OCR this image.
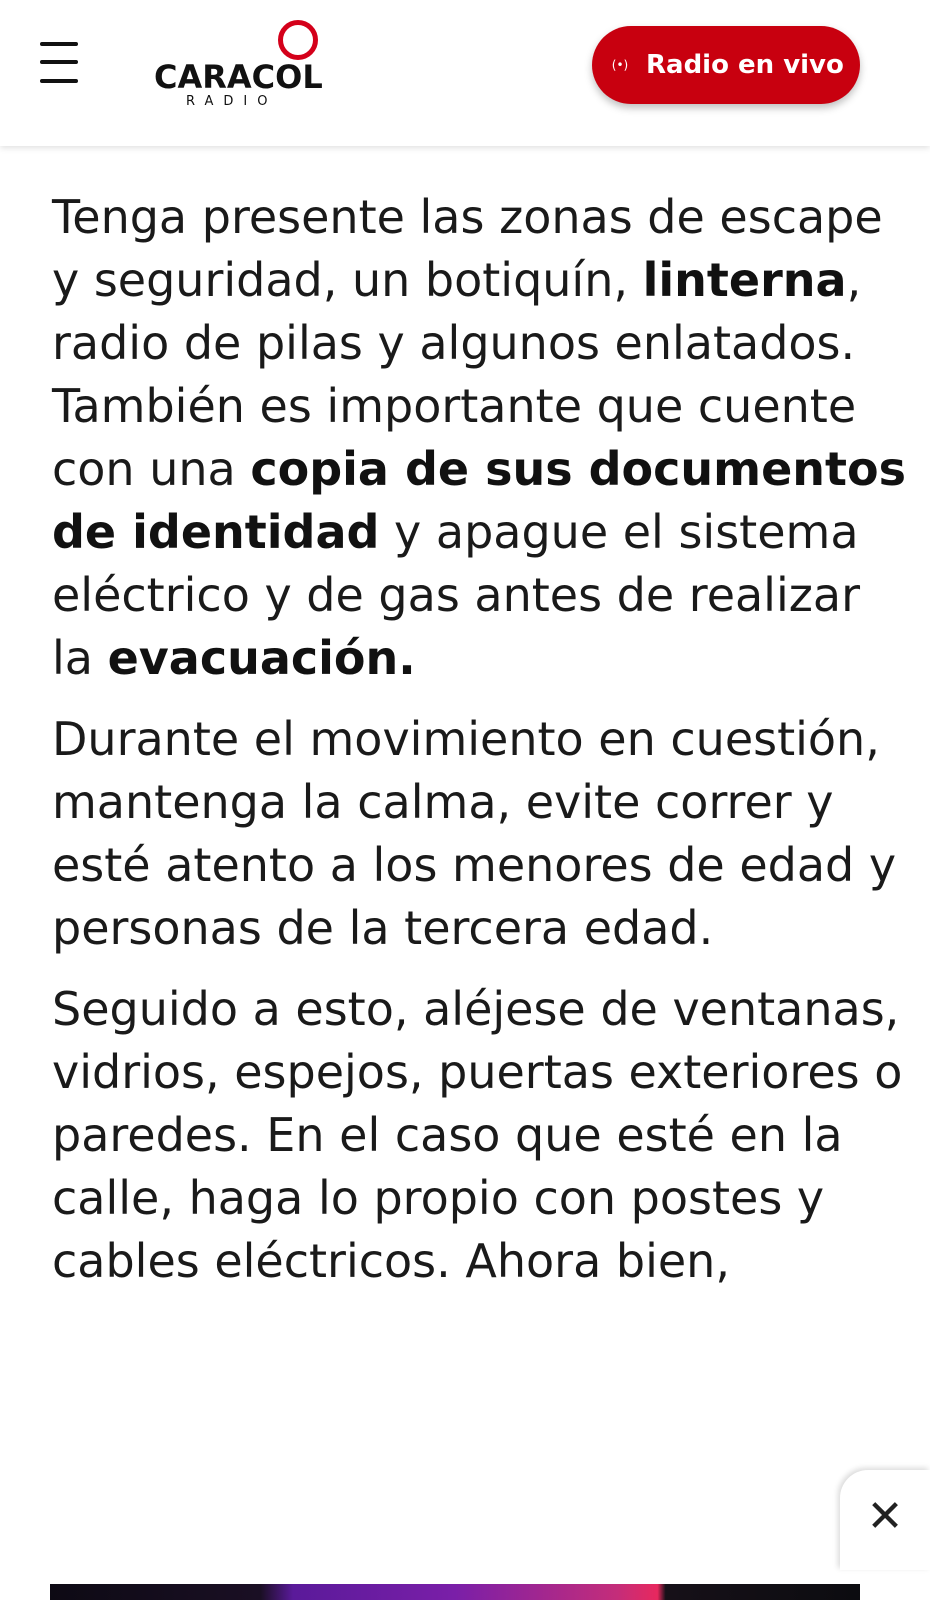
CARACOL
RADIO
(•) Radio en vivo

Tenga presente las zonas de escape y seguridad, un botiquín, linterna, radio de pilas y algunos enlatados. También es importante que cuente con una copia de sus documentos de identidad y apague el sistema eléctrico y de gas antes de realizar la evacuación.

Durante el movimiento en cuestión, mantenga la calma, evite correr y esté atento a los menores de edad y personas de la tercera edad.

Seguido a esto, aléjese de ventanas, vidrios, espejos, puertas exteriores o paredes. En el caso que esté en la calle, haga lo propio con postes y cables eléctricos. Ahora bien,

✕
